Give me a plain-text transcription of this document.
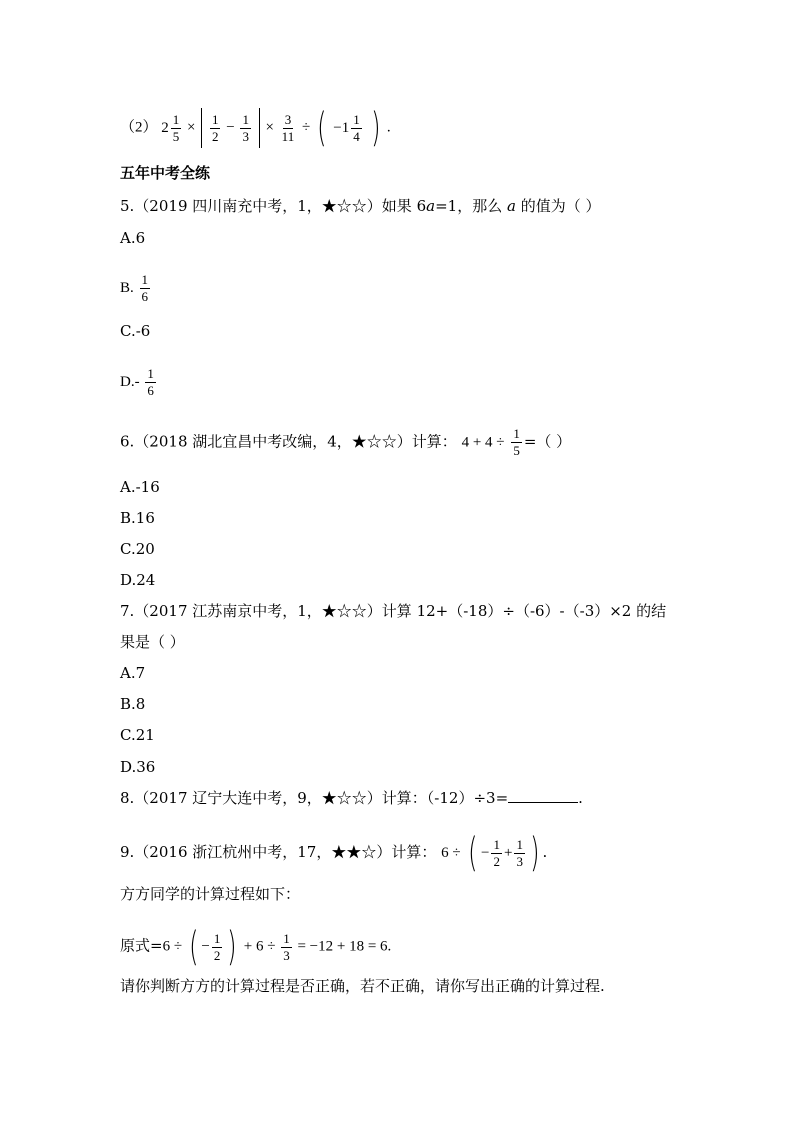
（2） $2 \frac{1}{5} \times \frac{1}{2} - \frac{1}{3} \times \frac{3}{11}$ ÷ ( $-1 \frac{1}{4}$ ) .
五年中考全练
5.（2019 四川南充中考，1，★☆☆）如果 6a=1，那么 a 的值为（ ）
A.6
B. $\frac{1}{6}$
C.-6
$D.- \frac{1}{6}$
6.（2018 湖北宜昌中考改编，4，★☆☆）计算： $4 + 4 \div \frac{1}{5}$ =（ ）
A.-16
B.16
C.20
D.24
7.（2017 江苏南京中考，1，★☆☆）计算 12+（-18）÷（-6）-（-3）×2 的结
果是（ ）
A.7
B.8
C.21
D.36
8.（2017 辽宁大连中考，9，★☆☆）计算：（-12）÷3=	.
9.（2016 浙江杭州中考，17，★★☆）计算： 6 ÷ ( − $\frac{1}{2} + \frac{1}{3}$ ) .
方方同学的计算过程如下：
原式=6 ÷ ( − $\frac{1}{2}$ ) + $6 \div \frac{1}{3} = -12 + 18 = 6$.
请你判断方方的计算过程是否正确，若不正确，请你写出正确的计算过程.
